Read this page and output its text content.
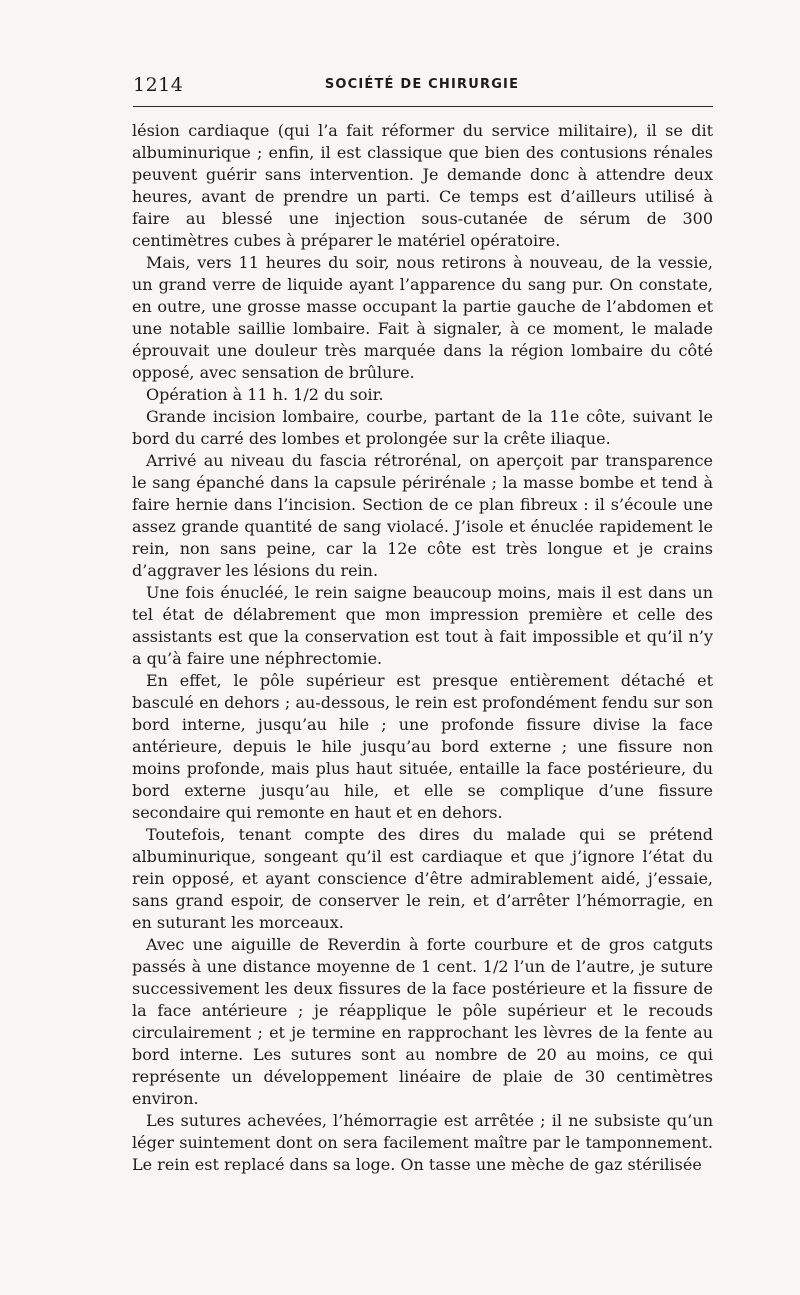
1214	SOCIÉTÉ DE CHIRURGIE

lésion cardiaque (qui l’a fait réformer du service militaire), il se dit albuminurique ; enfin, il est classique que bien des contusions rénales peuvent guérir sans intervention. Je demande donc à attendre deux heures, avant de prendre un parti. Ce temps est d’ailleurs utilisé à faire au blessé une injection sous-cutanée de sérum de 300 centimètres cubes à préparer le matériel opératoire.

Mais, vers 11 heures du soir, nous retirons à nouveau, de la vessie, un grand verre de liquide ayant l’apparence du sang pur. On constate, en outre, une grosse masse occupant la partie gauche de l’abdomen et une notable saillie lombaire. Fait à signaler, à ce moment, le malade éprouvait une douleur très marquée dans la région lombaire du côté opposé, avec sensation de brûlure.

Opération à 11 h. 1/2 du soir.

Grande incision lombaire, courbe, partant de la 11e côte, suivant le bord du carré des lombes et prolongée sur la crête iliaque.

Arrivé au niveau du fascia rétrorénal, on aperçoit par transparence le sang épanché dans la capsule périrénale ; la masse bombe et tend à faire hernie dans l’incision. Section de ce plan fibreux : il s’écoule une assez grande quantité de sang violacé. J’isole et énuclée rapidement le rein, non sans peine, car la 12e côte est très longue et je crains d’aggraver les lésions du rein.

Une fois énucléé, le rein saigne beaucoup moins, mais il est dans un tel état de délabrement que mon impression première et celle des assistants est que la conservation est tout à fait impossible et qu’il n’y a qu’à faire une néphrectomie.

En effet, le pôle supérieur est presque entièrement détaché et basculé en dehors ; au-dessous, le rein est profondément fendu sur son bord interne, jusqu’au hile ; une profonde fissure divise la face antérieure, depuis le hile jusqu’au bord externe ; une fissure non moins profonde, mais plus haut située, entaille la face postérieure, du bord externe jusqu’au hile, et elle se complique d’une fissure secondaire qui remonte en haut et en dehors.

Toutefois, tenant compte des dires du malade qui se prétend albuminurique, songeant qu’il est cardiaque et que j’ignore l’état du rein opposé, et ayant conscience d’être admirablement aidé, j’essaie, sans grand espoir, de conserver le rein, et d’arrêter l’hémorragie, en en suturant les morceaux.

Avec une aiguille de Reverdin à forte courbure et de gros catguts passés à une distance moyenne de 1 cent. 1/2 l’un de l’autre, je suture successivement les deux fissures de la face postérieure et la fissure de la face antérieure ; je réapplique le pôle supérieur et le recouds circulairement ; et je termine en rapprochant les lèvres de la fente au bord interne. Les sutures sont au nombre de 20 au moins, ce qui représente un développement linéaire de plaie de 30 centimètres environ.

Les sutures achevées, l’hémorragie est arrêtée ; il ne subsiste qu’un léger suintement dont on sera facilement maître par le tamponnement. Le rein est replacé dans sa loge. On tasse une mèche de gaz stérilisée
